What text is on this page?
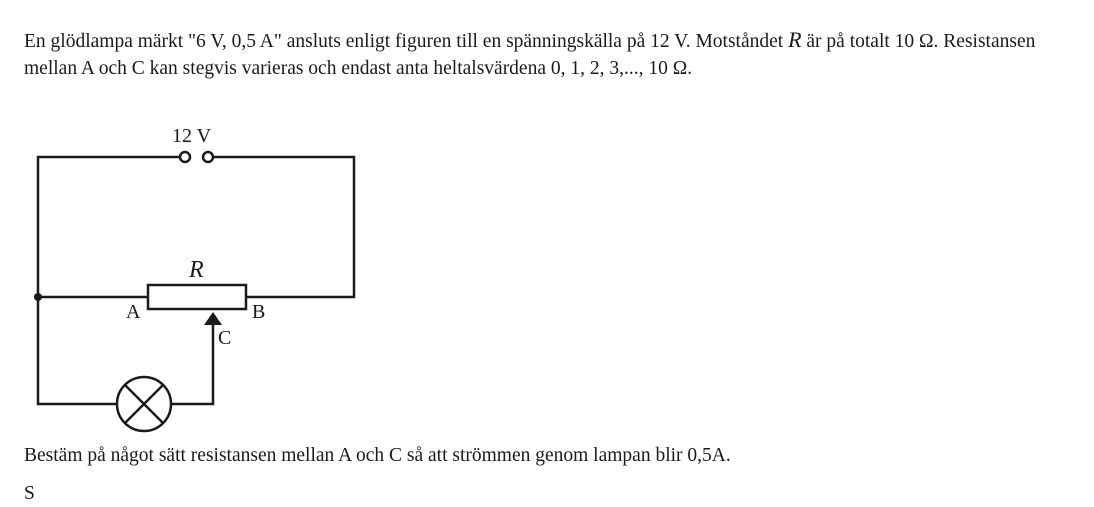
En glödlampa märkt "6 V, 0,5 A" ansluts enligt figuren till en spänningskälla på 12 V. Motståndet R är på totalt 10 Ω. Resistansen mellan A och C kan stegvis varieras och endast anta heltalsvärdena 0, 1, 2, 3,..., 10 Ω.

12 V
R
A	B
C

Bestäm på något sätt resistansen mellan A och C så att strömmen genom lampan blir 0,5A.

S
